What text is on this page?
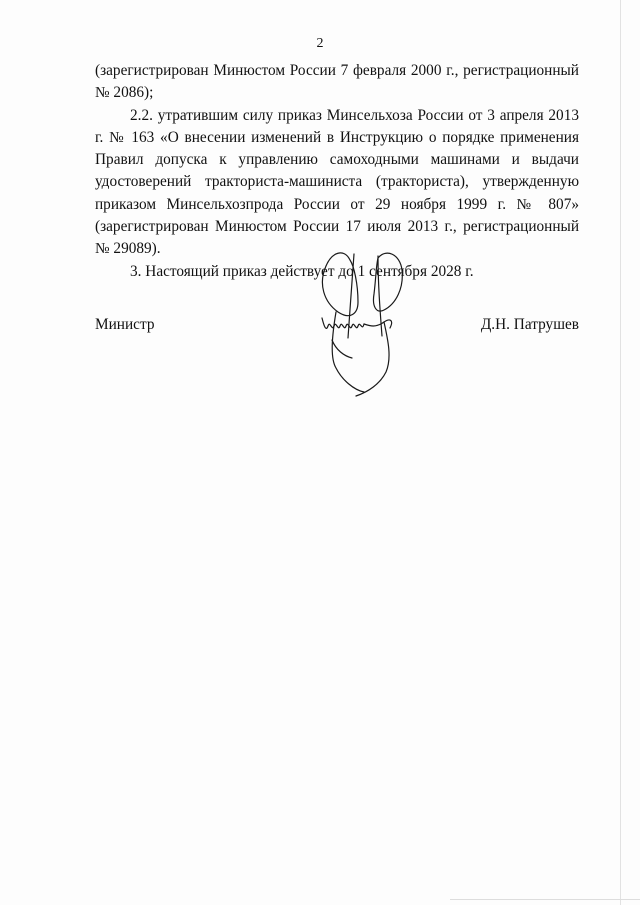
2

(зарегистрирован Минюстом России 7 февраля 2000 г., регистрационный № 2086);

2.2. утратившим силу приказ Минсельхоза России от 3 апреля 2013 г. № 163 «О внесении изменений в Инструкцию о порядке применения Правил допуска к управлению самоходными машинами и выдачи удостоверений тракториста-машиниста (тракториста), утвержденную приказом Минсельхозпрода России от 29 ноября 1999 г. № 807» (зарегистрирован Минюстом России 17 июля 2013 г., регистрационный № 29089).

3. Настоящий приказ действует до 1 сентября 2028 г.

Министр	Д.Н. Патрушев
